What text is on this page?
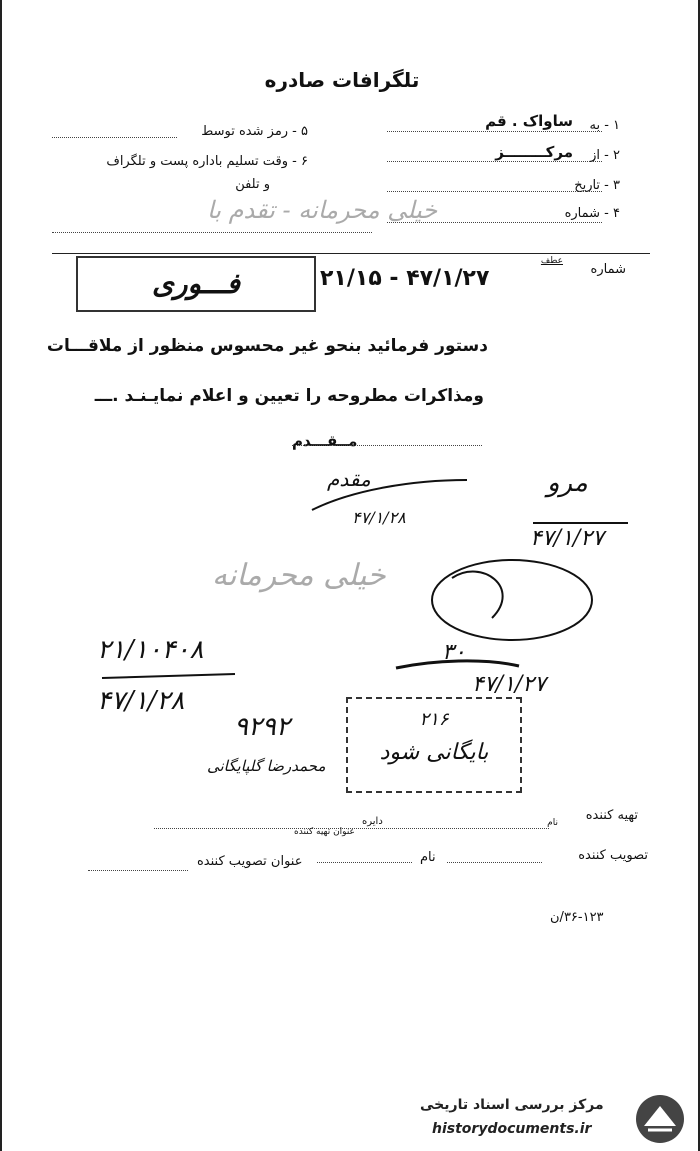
تلگرافات صادره
۱ - به
ساواک . قم
۲ - از
مرکــــــــز
۳ - تاریخ
۴ - شماره
۵ - رمز شده توسط
۶ - وقت تسلیم باداره پست و تلگراف
و تلفن
خیلی محرمانه - تقدم با
شماره
عطف
۴۷/۱/۲۷ - ۲۱/۱۵
فـــوری
دستور فرمائید بنحو غیر محسوس منظور از ملاقـــات
ومذاکرات مطروحه را تعیین و اعلام نمایـنـد .ـــ
مــقـــدم
مقدم
۴۷/۱/۲۸
مرو
۴۷/۱/۲۷
خیلی محرمانه
۳۰
۴۷/۱/۲۷
۲۱/۱۰۴۰۸
۴۷/۱/۲۸
۹۲۹۲
محمدرضا گلپایگانی
۲۱۶
بایگانی شود
تهیه کننده
نام
دایره
عنوان تهیه کننده
تصویب کننده
نام
عنوان تصویب کننده
۳۶-۱۲۳/ن
مرکز بررسی اسناد تاریخی
historydocuments.ir
